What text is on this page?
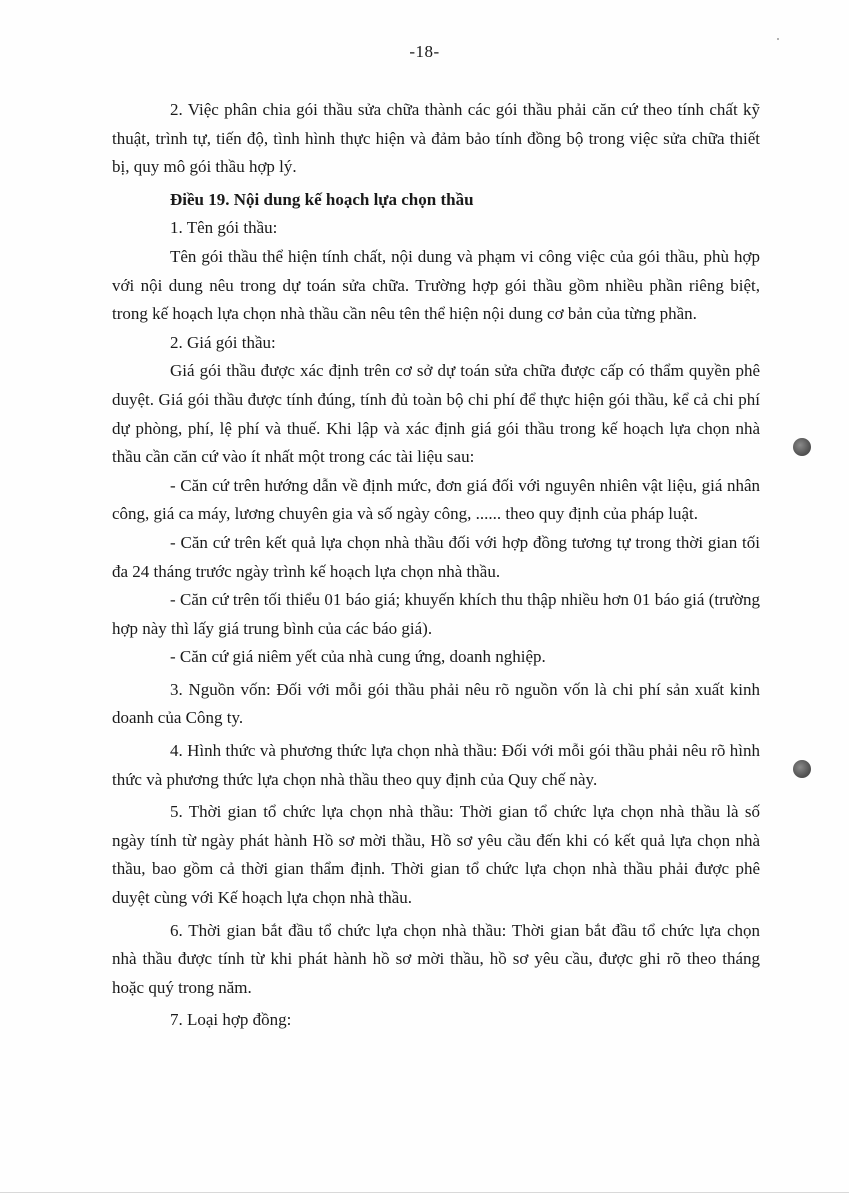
-18-

2. Việc phân chia gói thầu sửa chữa thành các gói thầu phải căn cứ theo tính chất kỹ thuật, trình tự, tiến độ, tình hình thực hiện và đảm bảo tính đồng bộ trong việc sửa chữa thiết bị, quy mô gói thầu hợp lý.

Điều 19. Nội dung kế hoạch lựa chọn thầu

1. Tên gói thầu:

Tên gói thầu thể hiện tính chất, nội dung và phạm vi công việc của gói thầu, phù hợp với nội dung nêu trong dự toán sửa chữa. Trường hợp gói thầu gồm nhiều phần riêng biệt, trong kế hoạch lựa chọn nhà thầu cần nêu tên thể hiện nội dung cơ bản của từng phần.

2. Giá gói thầu:

Giá gói thầu được xác định trên cơ sở dự toán sửa chữa được cấp có thẩm quyền phê duyệt. Giá gói thầu được tính đúng, tính đủ toàn bộ chi phí để thực hiện gói thầu, kể cả chi phí dự phòng, phí, lệ phí và thuế. Khi lập và xác định giá gói thầu trong kế hoạch lựa chọn nhà thầu cần căn cứ vào ít nhất một trong các tài liệu sau:

- Căn cứ trên hướng dẫn về định mức, đơn giá đối với nguyên nhiên vật liệu, giá nhân công, giá ca máy, lương chuyên gia và số ngày công, ...... theo quy định của pháp luật.

- Căn cứ trên kết quả lựa chọn nhà thầu đối với hợp đồng tương tự trong thời gian tối đa 24 tháng trước ngày trình kế hoạch lựa chọn nhà thầu.

- Căn cứ trên tối thiểu 01 báo giá; khuyến khích thu thập nhiều hơn 01 báo giá (trường hợp này thì lấy giá trung bình của các báo giá).

- Căn cứ giá niêm yết của nhà cung ứng, doanh nghiệp.

3. Nguồn vốn: Đối với mỗi gói thầu phải nêu rõ nguồn vốn là chi phí sản xuất kinh doanh của Công ty.

4. Hình thức và phương thức lựa chọn nhà thầu: Đối với mỗi gói thầu phải nêu rõ hình thức và phương thức lựa chọn nhà thầu theo quy định của Quy chế này.

5. Thời gian tổ chức lựa chọn nhà thầu: Thời gian tổ chức lựa chọn nhà thầu là số ngày tính từ ngày phát hành Hồ sơ mời thầu, Hồ sơ yêu cầu đến khi có kết quả lựa chọn nhà thầu, bao gồm cả thời gian thẩm định. Thời gian tổ chức lựa chọn nhà thầu phải được phê duyệt cùng với Kế hoạch lựa chọn nhà thầu.

6. Thời gian bắt đầu tổ chức lựa chọn nhà thầu: Thời gian bắt đầu tổ chức lựa chọn nhà thầu được tính từ khi phát hành hồ sơ mời thầu, hồ sơ yêu cầu, được ghi rõ theo tháng hoặc quý trong năm.

7. Loại hợp đồng:
